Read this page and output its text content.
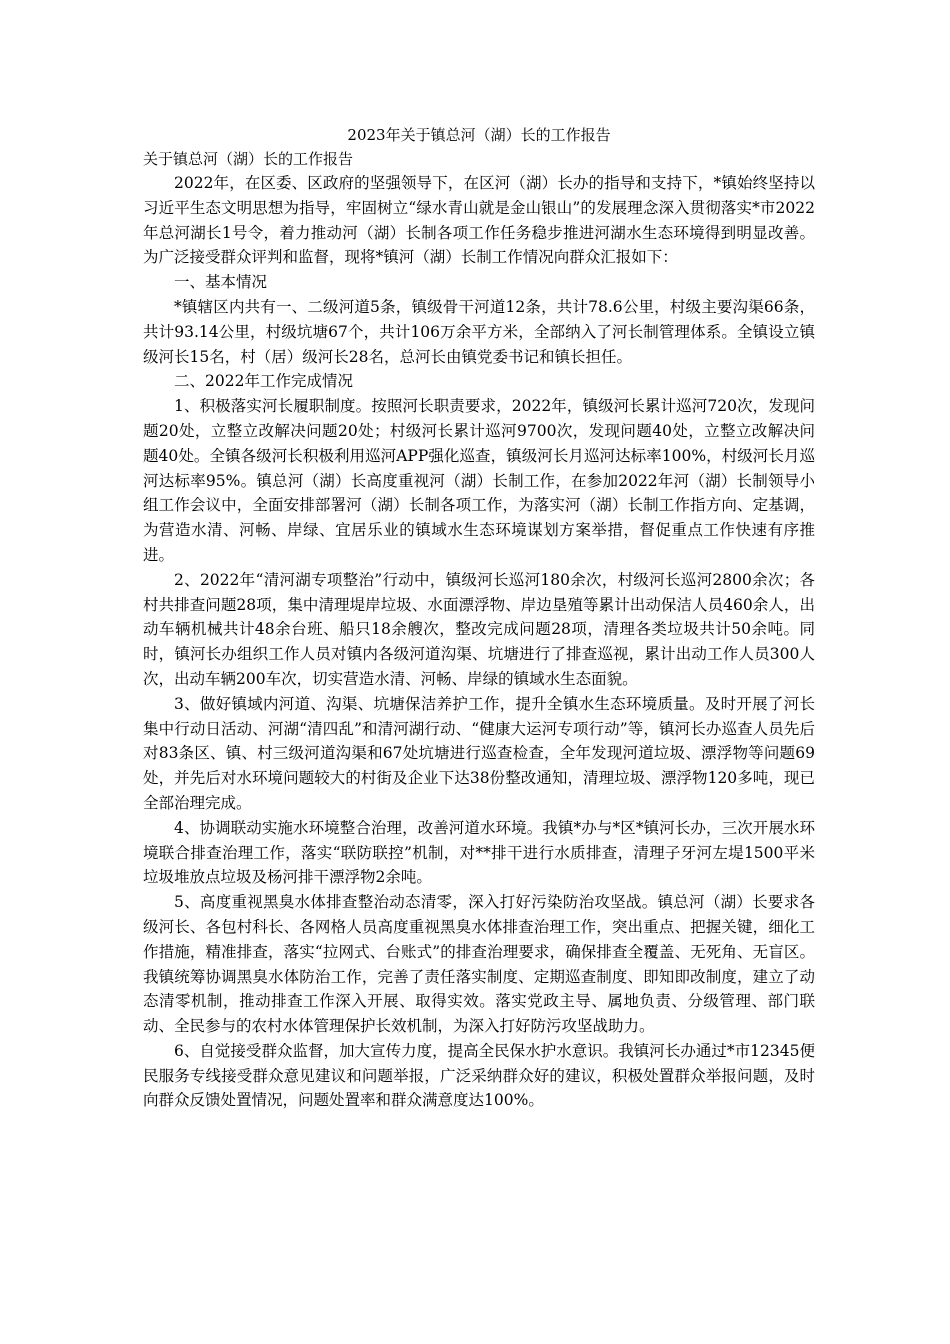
2023年关于镇总河（湖）长的工作报告

关于镇总河（湖）长的工作报告

2022年，在区委、区政府的坚强领导下，在区河（湖）长办的指导和支持下，*镇始终坚持以习近平生态文明思想为指导，牢固树立“绿水青山就是金山银山”的发展理念深入贯彻落实*市2022年总河湖长1号令，着力推动河（湖）长制各项工作任务稳步推进河湖水生态环境得到明显改善。为广泛接受群众评判和监督，现将*镇河（湖）长制工作情况向群众汇报如下：

一、基本情况

*镇辖区内共有一、二级河道5条，镇级骨干河道12条，共计78.6公里，村级主要沟渠66条，共计93.14公里，村级坑塘67个，共计106万余平方米，全部纳入了河长制管理体系。全镇设立镇级河长15名，村（居）级河长28名，总河长由镇党委书记和镇长担任。

二、2022年工作完成情况

1、积极落实河长履职制度。按照河长职责要求，2022年，镇级河长累计巡河720次，发现问题20处，立整立改解决问题20处；村级河长累计巡河9700次，发现问题40处，立整立改解决问题40处。全镇各级河长积极利用巡河APP强化巡查，镇级河长月巡河达标率100%，村级河长月巡河达标率95%。镇总河（湖）长高度重视河（湖）长制工作，在参加2022年河（湖）长制领导小组工作会议中，全面安排部署河（湖）长制各项工作，为落实河（湖）长制工作指方向、定基调，为营造水清、河畅、岸绿、宜居乐业的镇域水生态环境谋划方案举措，督促重点工作快速有序推进。

2、2022年“清河湖专项整治”行动中，镇级河长巡河180余次，村级河长巡河2800余次；各村共排查问题28项，集中清理堤岸垃圾、水面漂浮物、岸边垦殖等累计出动保洁人员460余人，出动车辆机械共计48余台班、船只18余艘次，整改完成问题28项，清理各类垃圾共计50余吨。同时，镇河长办组织工作人员对镇内各级河道沟渠、坑塘进行了排查巡视，累计出动工作人员300人次，出动车辆200车次，切实营造水清、河畅、岸绿的镇域水生态面貌。

3、做好镇域内河道、沟渠、坑塘保洁养护工作，提升全镇水生态环境质量。及时开展了河长集中行动日活动、河湖“清四乱”和清河湖行动、“健康大运河专项行动”等，镇河长办巡查人员先后对83条区、镇、村三级河道沟渠和67处坑塘进行巡查检查，全年发现河道垃圾、漂浮物等问题69处，并先后对水环境问题较大的村街及企业下达38份整改通知，清理垃圾、漂浮物120多吨，现已全部治理完成。

4、协调联动实施水环境整合治理，改善河道水环境。我镇*办与*区*镇河长办，三次开展水环境联合排查治理工作，落实“联防联控”机制，对**排干进行水质排查，清理子牙河左堤1500平米垃圾堆放点垃圾及杨河排干漂浮物2余吨。

5、高度重视黑臭水体排查整治动态清零，深入打好污染防治攻坚战。镇总河（湖）长要求各级河长、各包村科长、各网格人员高度重视黑臭水体排查治理工作，突出重点、把握关键，细化工作措施，精准排查，落实“拉网式、台账式”的排查治理要求，确保排查全覆盖、无死角、无盲区。我镇统筹协调黑臭水体防治工作，完善了责任落实制度、定期巡查制度、即知即改制度，建立了动态清零机制，推动排查工作深入开展、取得实效。落实党政主导、属地负责、分级管理、部门联动、全民参与的农村水体管理保护长效机制，为深入打好防污攻坚战助力。

6、自觉接受群众监督，加大宣传力度，提高全民保水护水意识。我镇河长办通过*市12345便民服务专线接受群众意见建议和问题举报，广泛采纳群众好的建议，积极处置群众举报问题，及时向群众反馈处置情况，问题处置率和群众满意度达100%。
